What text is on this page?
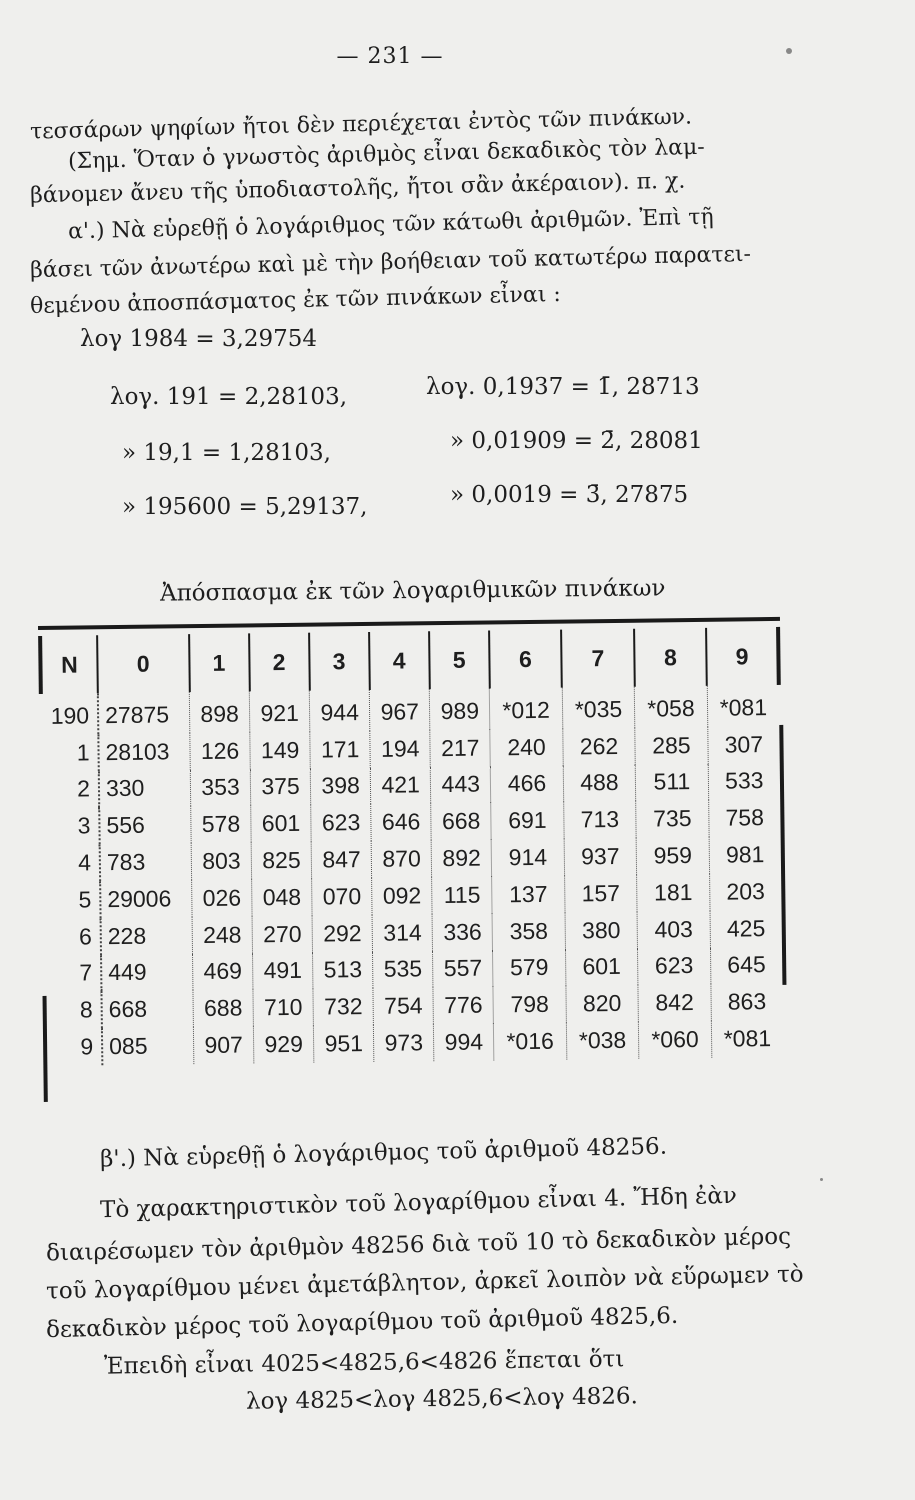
— 231 —
τεσσάρων ψηφίων ἤτοι δὲν περιέχεται ἐντὸς τῶν πινάκων.
(Σημ. Ὅταν ὁ γνωστὸς ἀριθμὸς εἶναι δεκαδικὸς τὸν λαμ-
βάνομεν ἄνευ τῆς ὑποδιαστολῆς, ἤτοι σἂν ἀκέραιον). π. χ.
α'.) Νὰ εὑρεθῇ ὁ λογάριθμος τῶν κάτωθι ἀριθμῶν. Ἐπὶ τῇ
βάσει τῶν ἀνωτέρω καὶ μὲ τὴν βοήθειαν τοῦ κατωτέρω παρατει-
θεμένου ἀποσπάσματος ἐκ τῶν πινάκων εἶναι :
λογ 1984 = 3,29754
λογ. 191 = 2,28103,
» 19,1 = 1,28103,
» 195600 = 5,29137,
λογ. 0,1937 = 1̄, 28713
» 0,01909 = 2̄, 28081
» 0,0019 = 3̄, 27875
Ἀπόσπασμα ἐκ τῶν λογαριθμικῶν πινάκων
N	0	1	2	3	4	5	6	7	8	9
190	27875	898	921	944	967	989	*012	*035	*058	*081
1	28103	126	149	171	194	217	240	262	285	307
2	330	353	375	398	421	443	466	488	511	533
3	556	578	601	623	646	668	691	713	735	758
4	783	803	825	847	870	892	914	937	959	981
5	29006	026	048	070	092	115	137	157	181	203
6	228	248	270	292	314	336	358	380	403	425
7	449	469	491	513	535	557	579	601	623	645
8	668	688	710	732	754	776	798	820	842	863
9	085	907	929	951	973	994	*016	*038	*060	*081
β'.) Νὰ εὑρεθῇ ὁ λογάριθμος τοῦ ἀριθμοῦ 48256.
Τὸ χαρακτηριστικὸν τοῦ λογαρίθμου εἶναι 4. Ἤδη ἐὰν
διαιρέσωμεν τὸν ἀριθμὸν 48256 διὰ τοῦ 10 τὸ δεκαδικὸν μέρος
τοῦ λογαρίθμου μένει ἀμετάβλητον, ἀρκεῖ λοιπὸν νὰ εὕρωμεν τὸ
δεκαδικὸν μέρος τοῦ λογαρίθμου τοῦ ἀριθμοῦ 4825,6.
Ἐπειδὴ εἶναι 4025<4825,6<4826 ἕπεται ὅτι
λογ 4825<λογ 4825,6<λογ 4826.
